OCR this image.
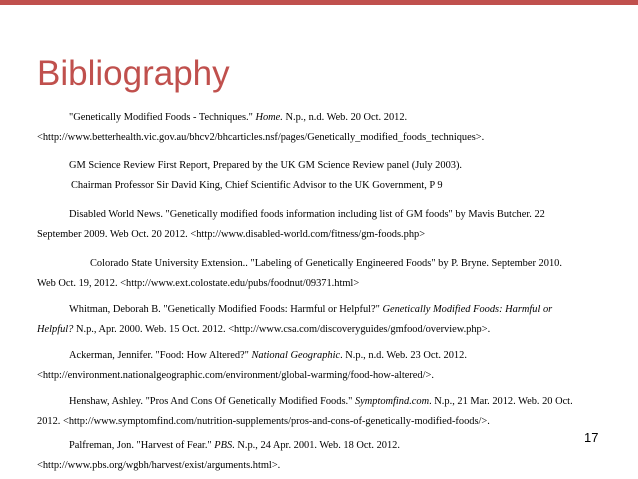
Bibliography

"Genetically Modified Foods - Techniques." Home. N.p., n.d. Web. 20 Oct. 2012.
<http://www.betterhealth.vic.gov.au/bhcv2/bhcarticles.nsf/pages/Genetically_modified_foods_techniques>.

GM Science Review First Report, Prepared by the UK GM Science Review panel (July 2003).
Chairman Professor Sir David King, Chief Scientific Advisor to the UK Government, P 9

Disabled World News. "Genetically modified foods information including list of GM foods" by Mavis Butcher. 22
September 2009. Web Oct. 20 2012. <http://www.disabled-world.com/fitness/gm-foods.php>

Colorado State University Extension.. "Labeling of Genetically Engineered Foods" by P. Bryne. September 2010.
Web Oct. 19, 2012. <http://www.ext.colostate.edu/pubs/foodnut/09371.html>

Whitman, Deborah B. "Genetically Modified Foods: Harmful or Helpful?" Genetically Modified Foods: Harmful or
Helpful? N.p., Apr. 2000. Web. 15 Oct. 2012. <http://www.csa.com/discoveryguides/gmfood/overview.php>.

Ackerman, Jennifer. "Food: How Altered?" National Geographic. N.p., n.d. Web. 23 Oct. 2012.
<http://environment.nationalgeographic.com/environment/global-warming/food-how-altered/>.

Henshaw, Ashley. "Pros And Cons Of Genetically Modified Foods." Symptomfind.com. N.p., 21 Mar. 2012. Web. 20 Oct.
2012. <http://www.symptomfind.com/nutrition-supplements/pros-and-cons-of-genetically-modified-foods/>.

Palfreman, Jon. "Harvest of Fear." PBS. N.p., 24 Apr. 2001. Web. 18 Oct. 2012.
<http://www.pbs.org/wgbh/harvest/exist/arguments.html>.

17
